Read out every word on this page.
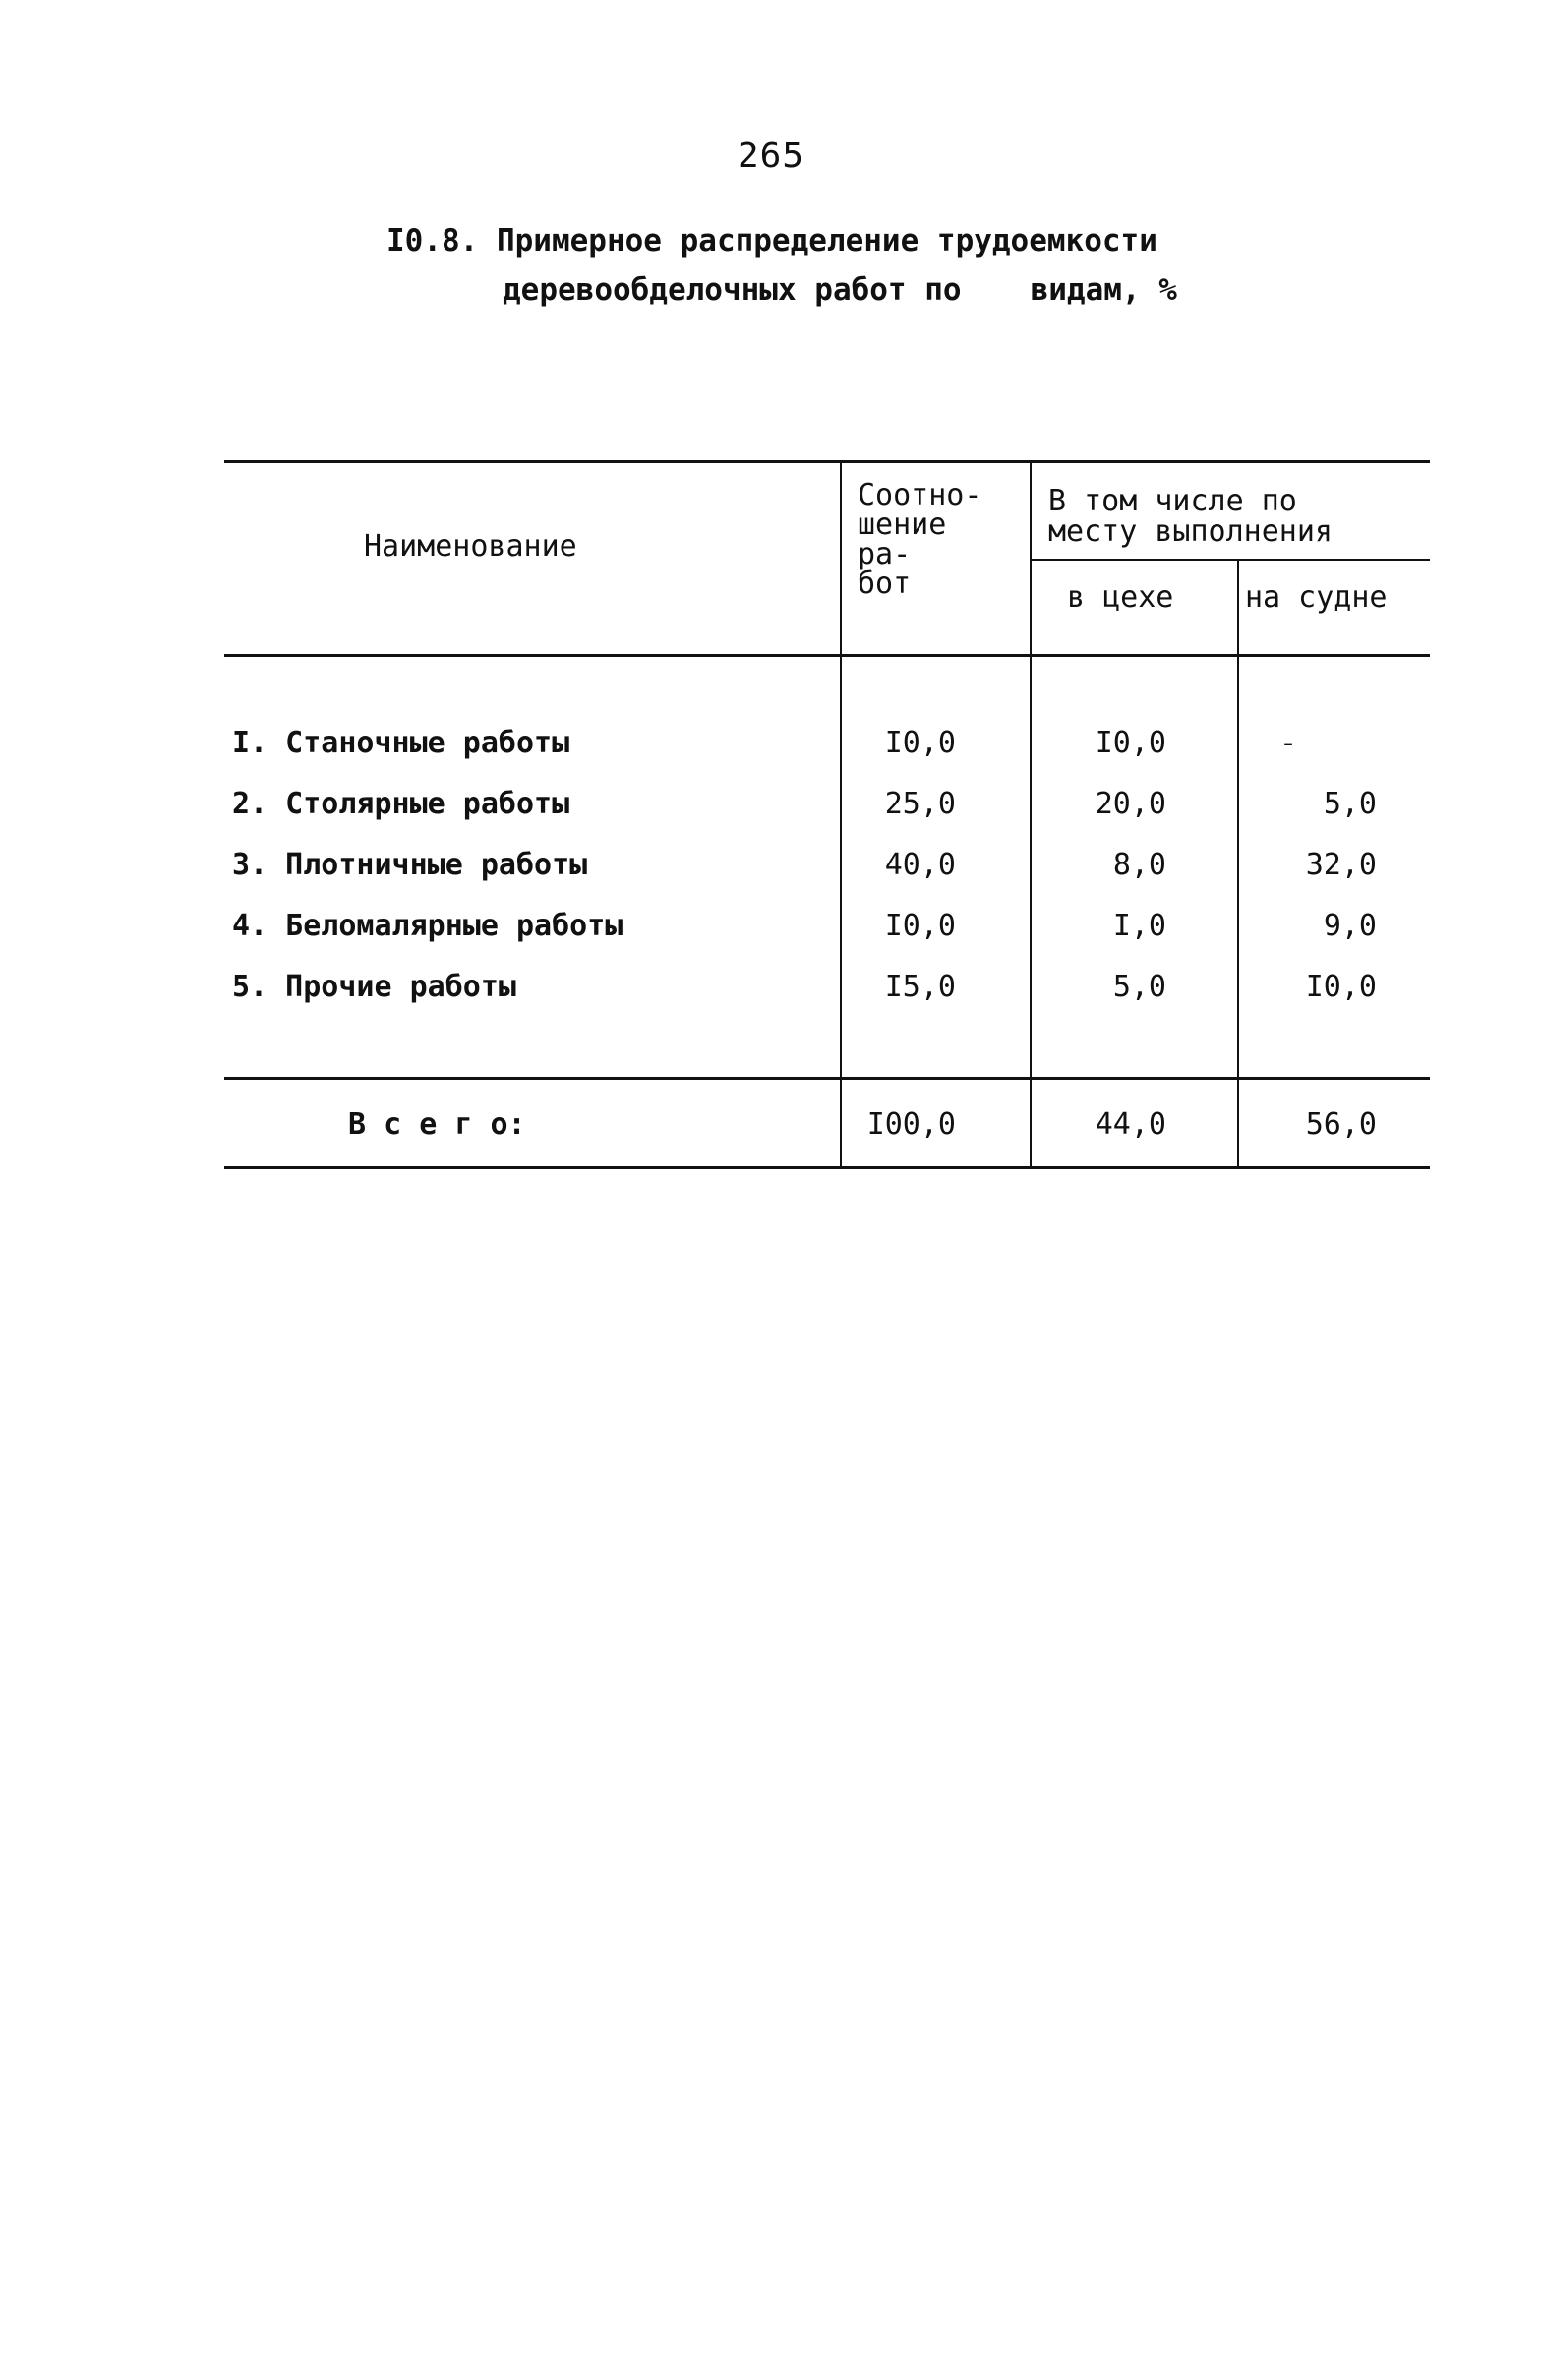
265
I0.8. Примерное распределение трудоемкости
деревообделочных работ по видам, %
Наименование
Соотно-
шение
ра-
бот
В том числе по
месту выполнения
в цехе на судне
I. Станочные работы	I0,0	I0,0	-
2. Столярные работы	25,0	20,0	5,0
3. Плотничные работы	40,0	8,0	32,0
4. Беломалярные работы	I0,0	I,0	9,0
5. Прочие работы	I5,0	5,0	I0,0
В с е г о:	I00,0	44,0	56,0
